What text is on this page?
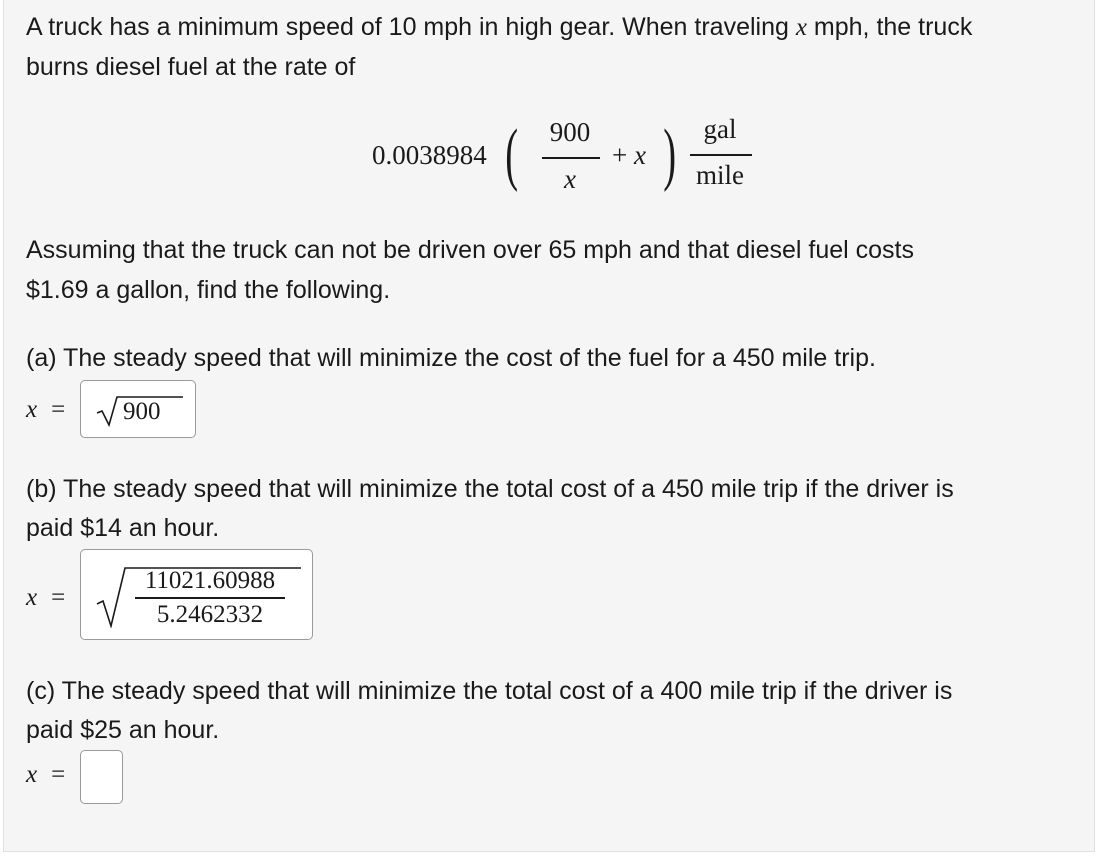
A truck has a minimum speed of 10 mph in high gear. When traveling x mph, the truck
burns diesel fuel at the rate of
0.0038984 (	900
x
+ x )	gal
mile
Assuming that the truck can not be driven over 65 mph and that diesel fuel costs
$1.69 a gallon, find the following.
(a) The steady speed that will minimize the cost of the fuel for a 450 mile trip.
x = 900
(b) The steady speed that will minimize the total cost of a 450 mile trip if the driver is
paid $14 an hour.
x =
11021.60988
5.2462332
(c) The steady speed that will minimize the total cost of a 400 mile trip if the driver is
paid $25 an hour.
x =
